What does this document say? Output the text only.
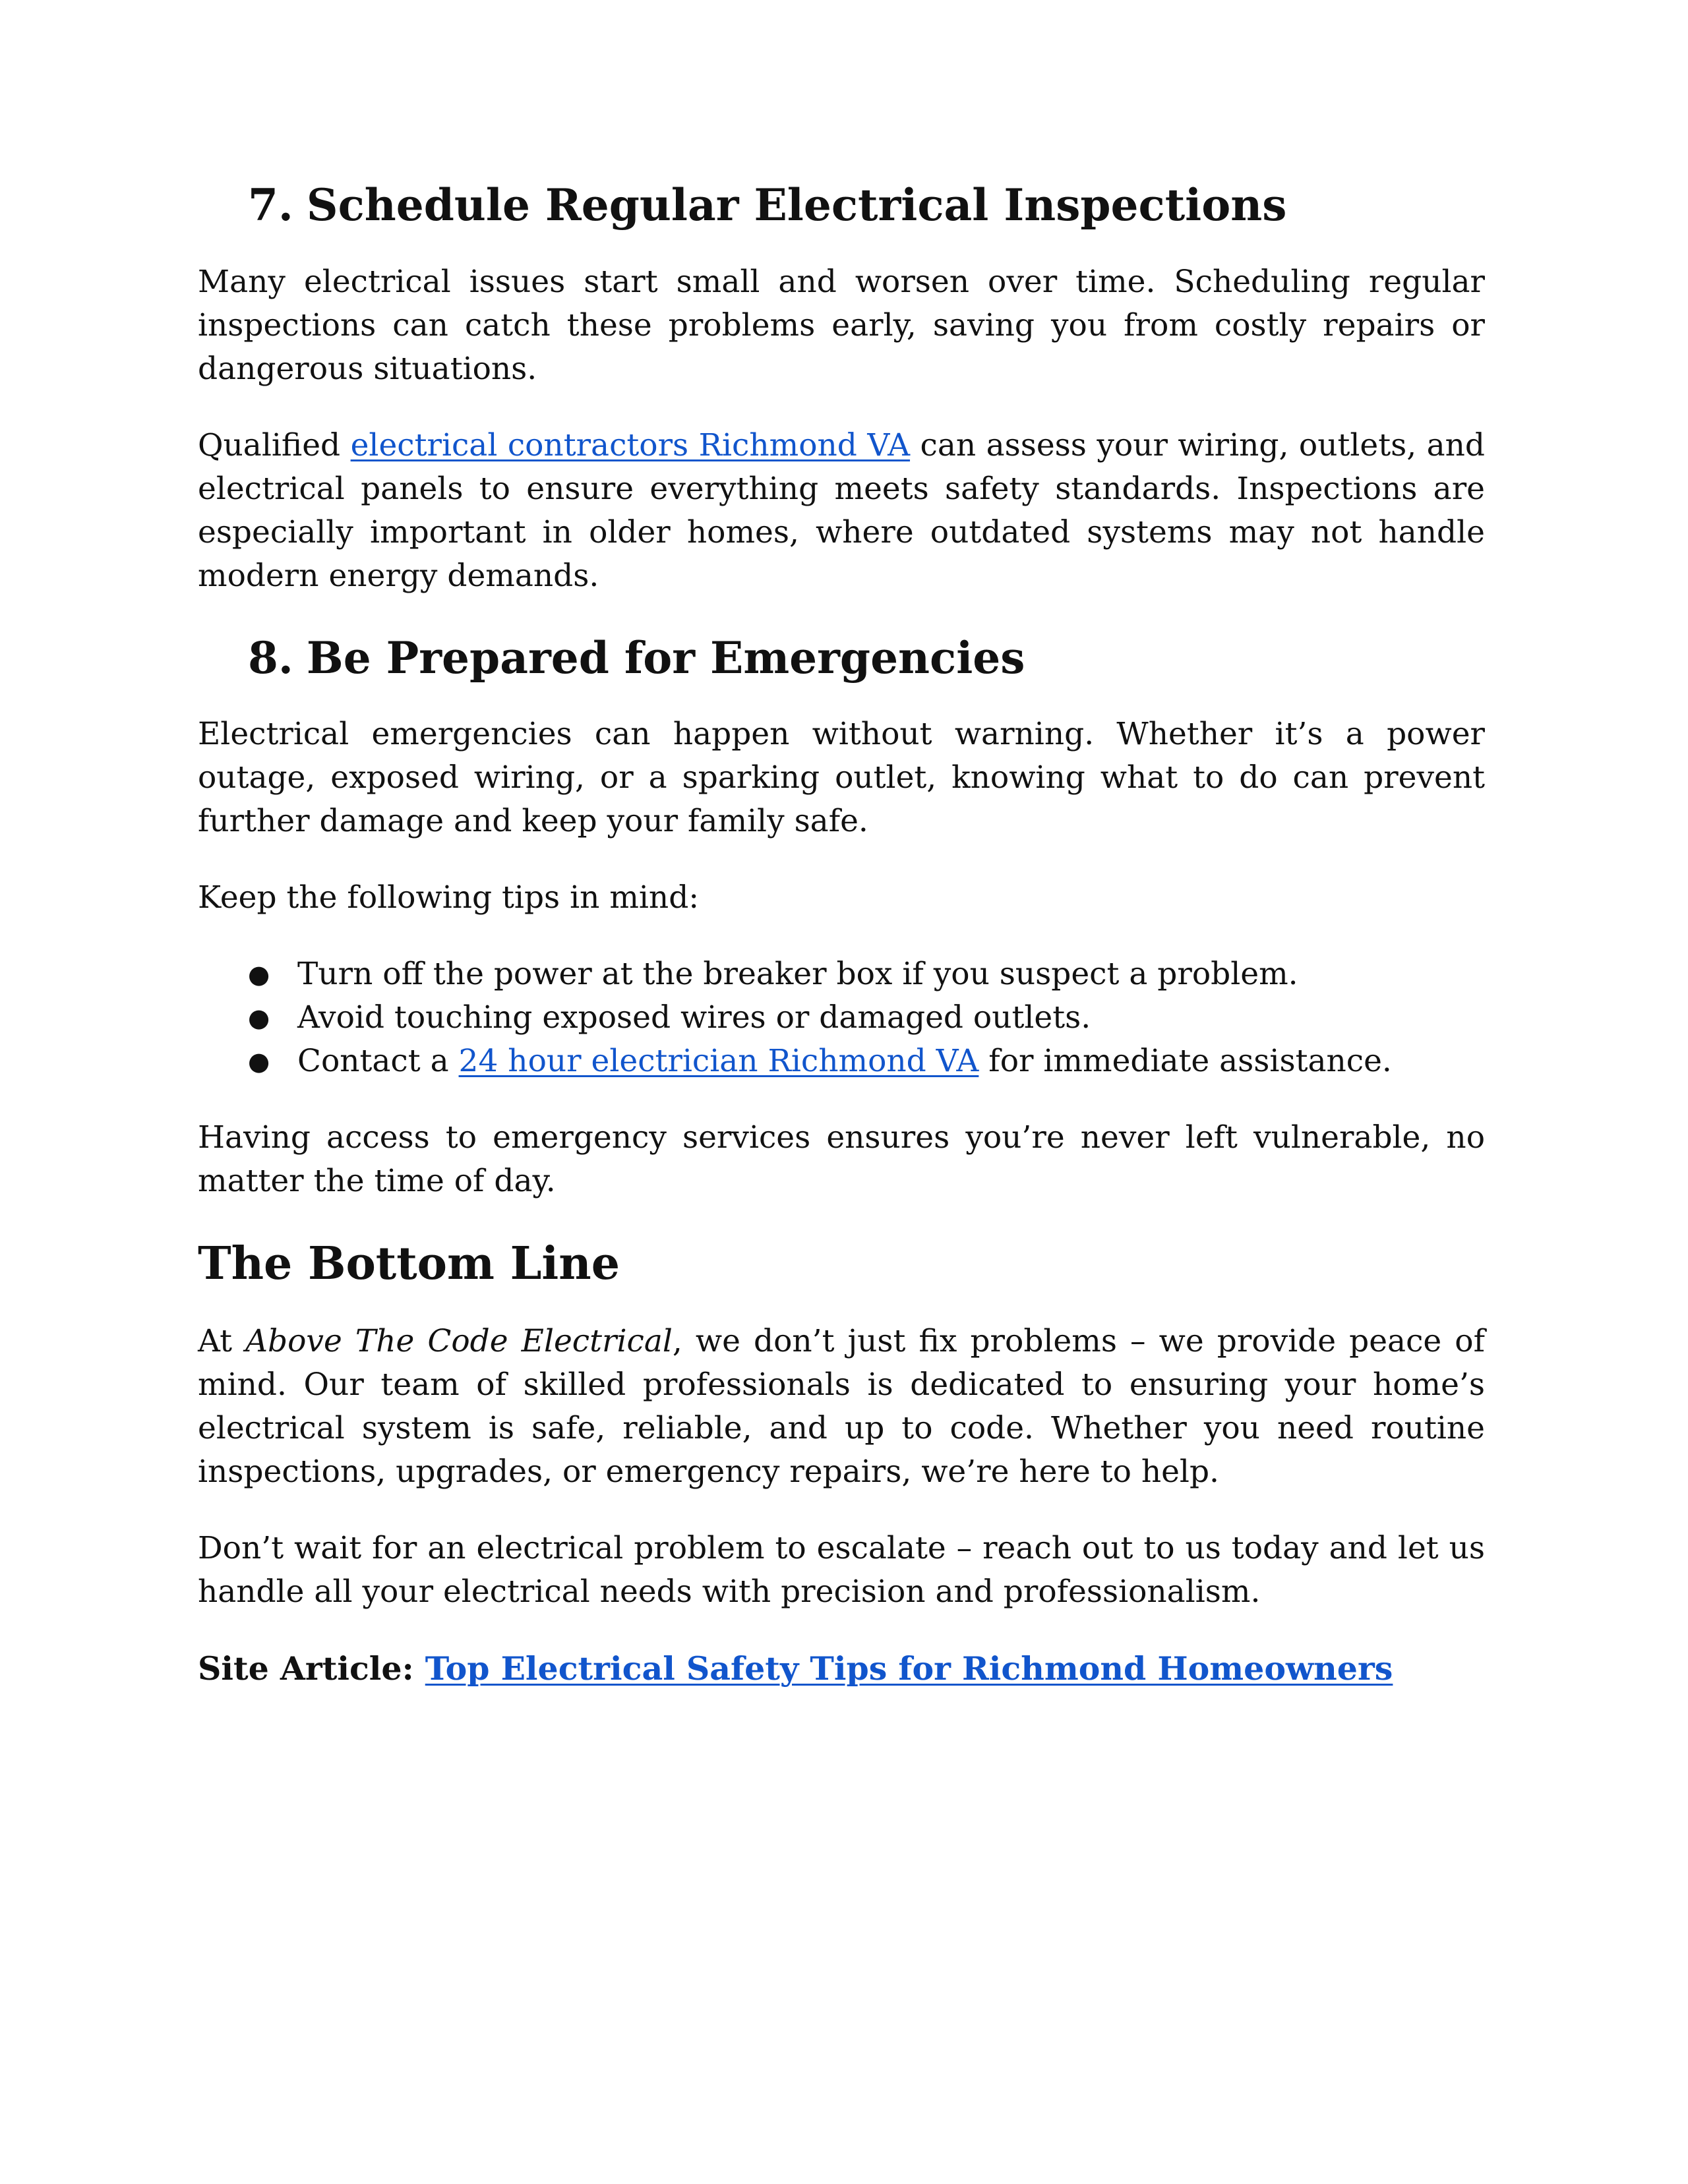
7. Schedule Regular Electrical Inspections

Many electrical issues start small and worsen over time. Scheduling regular inspections can catch these problems early, saving you from costly repairs or dangerous situations.

Qualified electrical contractors Richmond VA can assess your wiring, outlets, and electrical panels to ensure everything meets safety standards. Inspections are especially important in older homes, where outdated systems may not handle modern energy demands.

8. Be Prepared for Emergencies

Electrical emergencies can happen without warning. Whether it’s a power outage, exposed wiring, or a sparking outlet, knowing what to do can prevent further damage and keep your family safe.

Keep the following tips in mind:

● Turn off the power at the breaker box if you suspect a problem.
● Avoid touching exposed wires or damaged outlets.
● Contact a 24 hour electrician Richmond VA for immediate assistance.

Having access to emergency services ensures you’re never left vulnerable, no matter the time of day.

The Bottom Line

At Above The Code Electrical, we don’t just fix problems – we provide peace of mind. Our team of skilled professionals is dedicated to ensuring your home’s electrical system is safe, reliable, and up to code. Whether you need routine inspections, upgrades, or emergency repairs, we’re here to help.

Don’t wait for an electrical problem to escalate – reach out to us today and let us handle all your electrical needs with precision and professionalism.

Site Article: Top Electrical Safety Tips for Richmond Homeowners
